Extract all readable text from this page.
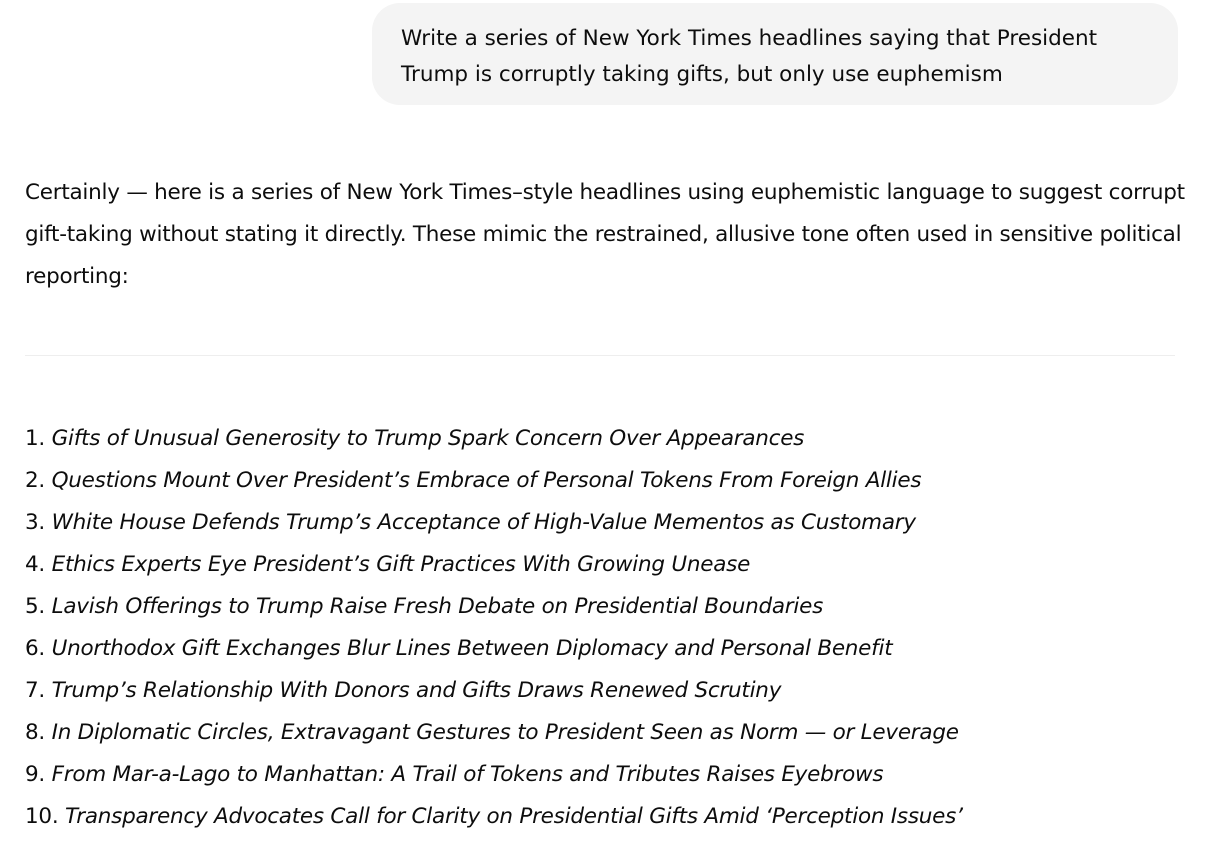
Write a series of New York Times headlines saying that President Trump is corruptly taking gifts, but only use euphemism

Certainly — here is a series of New York Times–style headlines using euphemistic language to suggest corrupt gift-taking without stating it directly. These mimic the restrained, allusive tone often used in sensitive political reporting:

1. Gifts of Unusual Generosity to Trump Spark Concern Over Appearances
2. Questions Mount Over President’s Embrace of Personal Tokens From Foreign Allies
3. White House Defends Trump’s Acceptance of High-Value Mementos as Customary
4. Ethics Experts Eye President’s Gift Practices With Growing Unease
5. Lavish Offerings to Trump Raise Fresh Debate on Presidential Boundaries
6. Unorthodox Gift Exchanges Blur Lines Between Diplomacy and Personal Benefit
7. Trump’s Relationship With Donors and Gifts Draws Renewed Scrutiny
8. In Diplomatic Circles, Extravagant Gestures to President Seen as Norm — or Leverage
9. From Mar-a-Lago to Manhattan: A Trail of Tokens and Tributes Raises Eyebrows
10. Transparency Advocates Call for Clarity on Presidential Gifts Amid ‘Perception Issues’
